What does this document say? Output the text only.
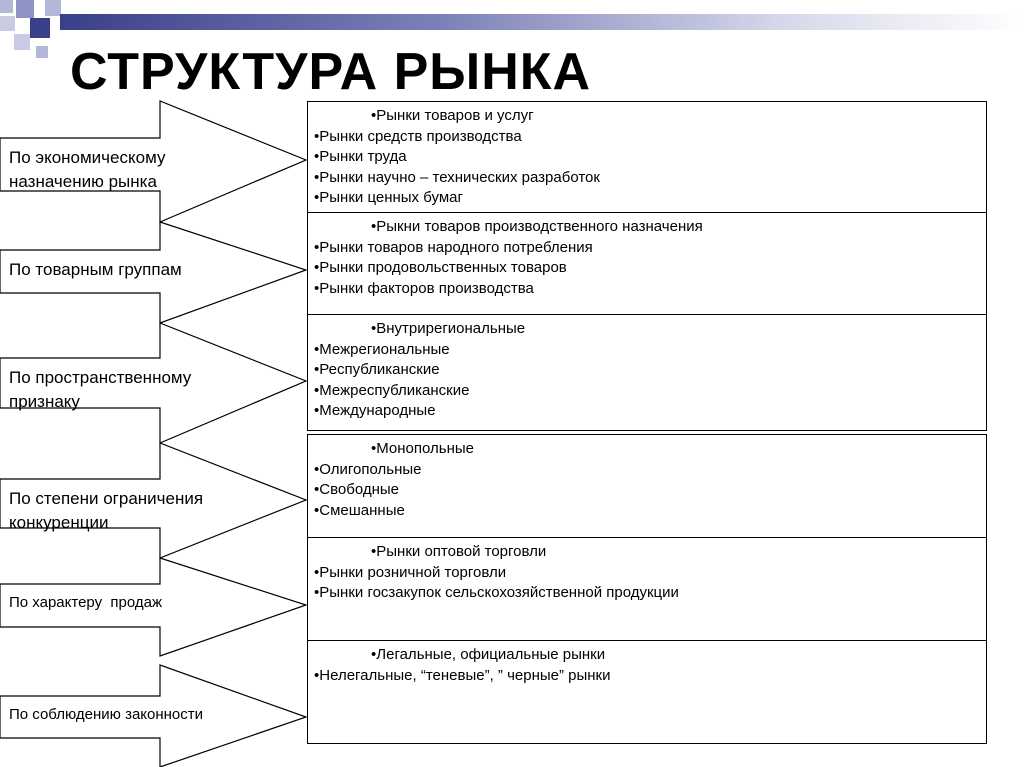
СТРУКТУРА РЫНКА
По экономическому назначению рынка
По товарным группам
По пространственному признаку
По степени ограничения конкуренции
По характеру  продаж
По соблюдению законности
• Рынки товаров и услуг
• Рынки средств производства
• Рынки труда
• Рынки научно – технических разработок
• Рынки ценных бумаг
• Рыкни товаров производственного назначения
• Рынки товаров народного потребления
• Рынки продовольственных товаров
• Рынки факторов производства
• Внутрирегиональные
• Межрегиональные
• Республиканские
• Межреспубликанские
• Международные
• Монопольные
• Олигопольные
• Свободные
• Смешанные
• Рынки оптовой торговли
• Рынки розничной торговли
• Рынки госзакупок сельскохозяйственной продукции
• Легальные, официальные рынки
• Нелегальные, “теневые”, ” черные” рынки
